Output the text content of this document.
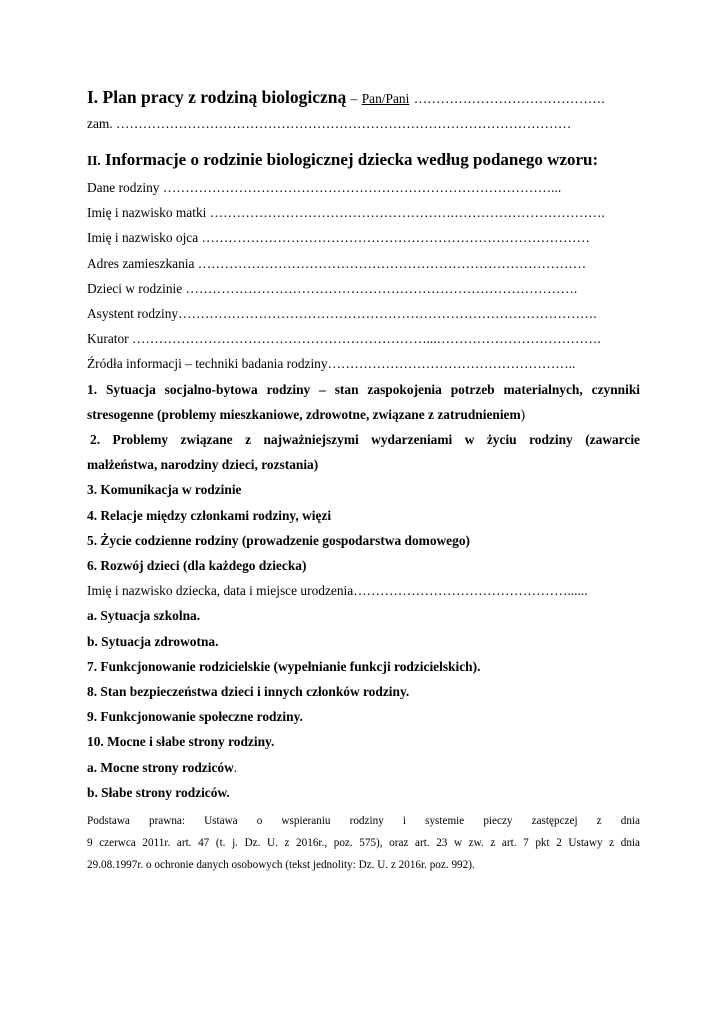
I. Plan pracy z rodziną biologiczną – Pan/Pani …………………………………….
zam. …………………………………………………………………………………………
II. Informacje o rodzinie biologicznej dziecka według podanego wzoru:
Dane rodziny ……………………………………………………………………………...
Imię i nazwisko matki ……………………………………………….…………………………….
Imię i nazwisko ojca ……………………………………………………………………………
Adres zamieszkania ……………………………………………………………………………
Dzieci w rodzinie …………………………………………………………………………….
Asystent rodziny………………………………………………………………………………….
Kurator …………………………………………………………...……………………………….
Źródła informacji – techniki badania rodziny………………………………………………..
1. Sytuacja socjalno-bytowa rodziny – stan zaspokojenia potrzeb materialnych, czynniki
stresogenne (problemy mieszkaniowe, zdrowotne, związane z zatrudnieniem)
2. Problemy związane z najważniejszymi wydarzeniami w życiu rodziny (zawarcie
małżeństwa, narodziny dzieci, rozstania)
3. Komunikacja w rodzinie
4. Relacje między członkami rodziny, więzi
5. Życie codzienne rodziny (prowadzenie gospodarstwa domowego)
6. Rozwój dzieci (dla każdego dziecka)
Imię i nazwisko dziecka, data i miejsce urodzenia…………………………………………......
a. Sytuacja szkolna.
b. Sytuacja zdrowotna.
7. Funkcjonowanie rodzicielskie (wypełnianie funkcji rodzicielskich).
8. Stan bezpieczeństwa dzieci i innych członków rodziny.
9. Funkcjonowanie społeczne rodziny.
10. Mocne i słabe strony rodziny.
a. Mocne strony rodziców.
b. Słabe strony rodziców.
Podstawa prawna: Ustawa o wspieraniu rodziny i systemie pieczy zastępczej z dnia
9 czerwca 2011r. art. 47 (t. j. Dz. U. z 2016r., poz. 575), oraz art. 23 w zw. z art. 7 pkt 2 Ustawy z dnia
29.08.1997r. o ochronie danych osobowych (tekst jednolity: Dz. U. z 2016r. poz. 992).
